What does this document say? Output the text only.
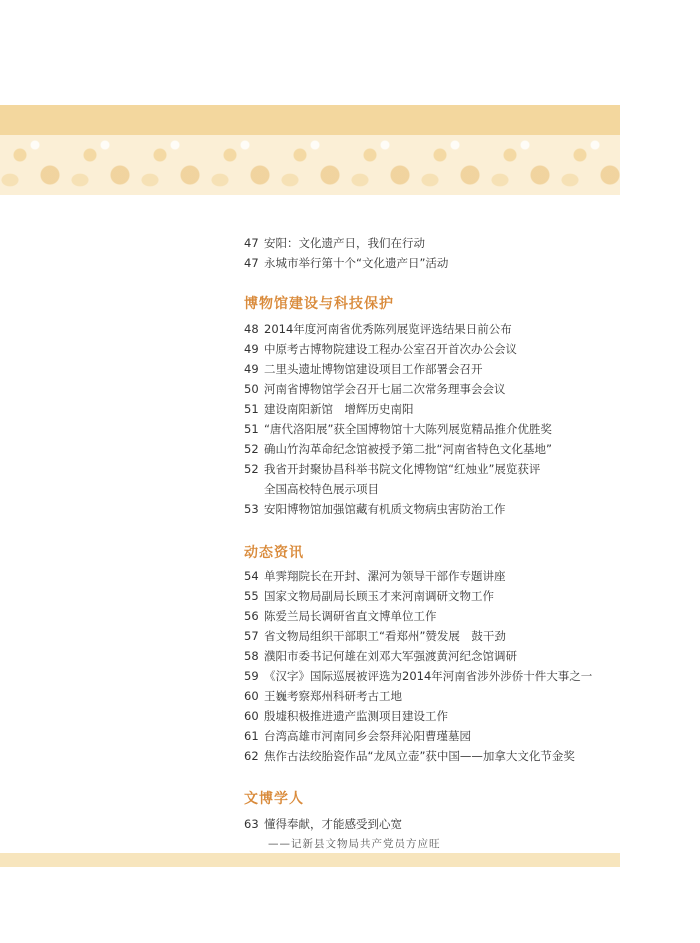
47 安阳：文化遗产日，我们在行动
47 永城市举行第十个“文化遗产日”活动
博物馆建设与科技保护
48 2014年度河南省优秀陈列展览评选结果日前公布
49 中原考古博物院建设工程办公室召开首次办公会议
49 二里头遗址博物馆建设项目工作部署会召开
50 河南省博物馆学会召开七届二次常务理事会会议
51 建设南阳新馆　增辉历史南阳
51 “唐代洛阳展”获全国博物馆十大陈列展览精品推介优胜奖
52 确山竹沟革命纪念馆被授予第二批“河南省特色文化基地”
52 我省开封聚协昌科举书院文化博物馆“红烛业”展览获评
全国高校特色展示项目
53 安阳博物馆加强馆藏有机质文物病虫害防治工作
动态资讯
54 单霁翔院长在开封、漯河为领导干部作专题讲座
55 国家文物局副局长顾玉才来河南调研文物工作
56 陈爱兰局长调研省直文博单位工作
57 省文物局组织干部职工“看郑州”赞发展　鼓干劲
58 濮阳市委书记何雄在刘邓大军强渡黄河纪念馆调研
59 《汉字》国际巡展被评选为2014年河南省涉外涉侨十件大事之一
60 王巍考察郑州科研考古工地
60 殷墟积极推进遗产监测项目建设工作
61 台湾高雄市河南同乡会祭拜沁阳曹瑾墓园
62 焦作古法绞胎瓷作品“龙凤立壶”获中国——加拿大文化节金奖
文博学人
63 懂得奉献，才能感受到心宽
——记新县文物局共产党员方应旺
